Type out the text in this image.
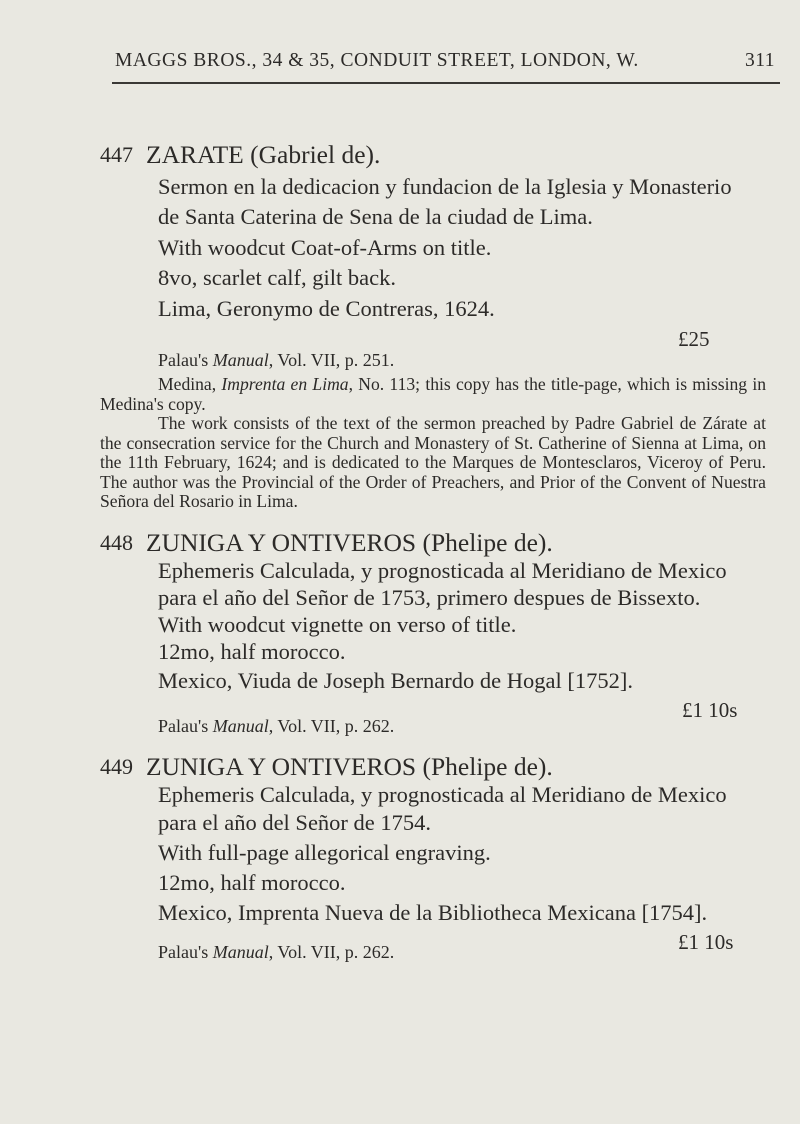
MAGGS BROS., 34 & 35, CONDUIT STREET, LONDON, W.	311
447 ZARATE (Gabriel de).
Sermon en la dedicacion y fundacion de la Iglesia y Monasterio
de Santa Caterina de Sena de la ciudad de Lima.
With woodcut Coat-of-Arms on title.
8vo, scarlet calf, gilt back.
Lima, Geronymo de Contreras, 1624.
£25
Palau's Manual, Vol. VII, p. 251.

Medina, Imprenta en Lima, No. 113; this copy has the title-page, which is missing in Medina's copy.

The work consists of the text of the sermon preached by Padre Gabriel de Zárate at the consecration service for the Church and Monastery of St. Catherine of Sienna at Lima, on the 11th February, 1624; and is dedicated to the Marques de Montesclaros, Viceroy of Peru. The author was the Provincial of the Order of Preachers, and Prior of the Convent of Nuestra Señora del Rosario in Lima.

448 ZUNIGA Y ONTIVEROS (Phelipe de).
Ephemeris Calculada, y prognosticada al Meridiano de Mexico
para el año del Señor de 1753, primero despues de Bissexto.
With woodcut vignette on verso of title.
12mo, half morocco.
Mexico, Viuda de Joseph Bernardo de Hogal [1752].
£1 10s
Palau's Manual, Vol. VII, p. 262.
449 ZUNIGA Y ONTIVEROS (Phelipe de).
Ephemeris Calculada, y prognosticada al Meridiano de Mexico
para el año del Señor de 1754.
With full-page allegorical engraving.
12mo, half morocco.
Mexico, Imprenta Nueva de la Bibliotheca Mexicana [1754].
£1 10s
Palau's Manual, Vol. VII, p. 262.
